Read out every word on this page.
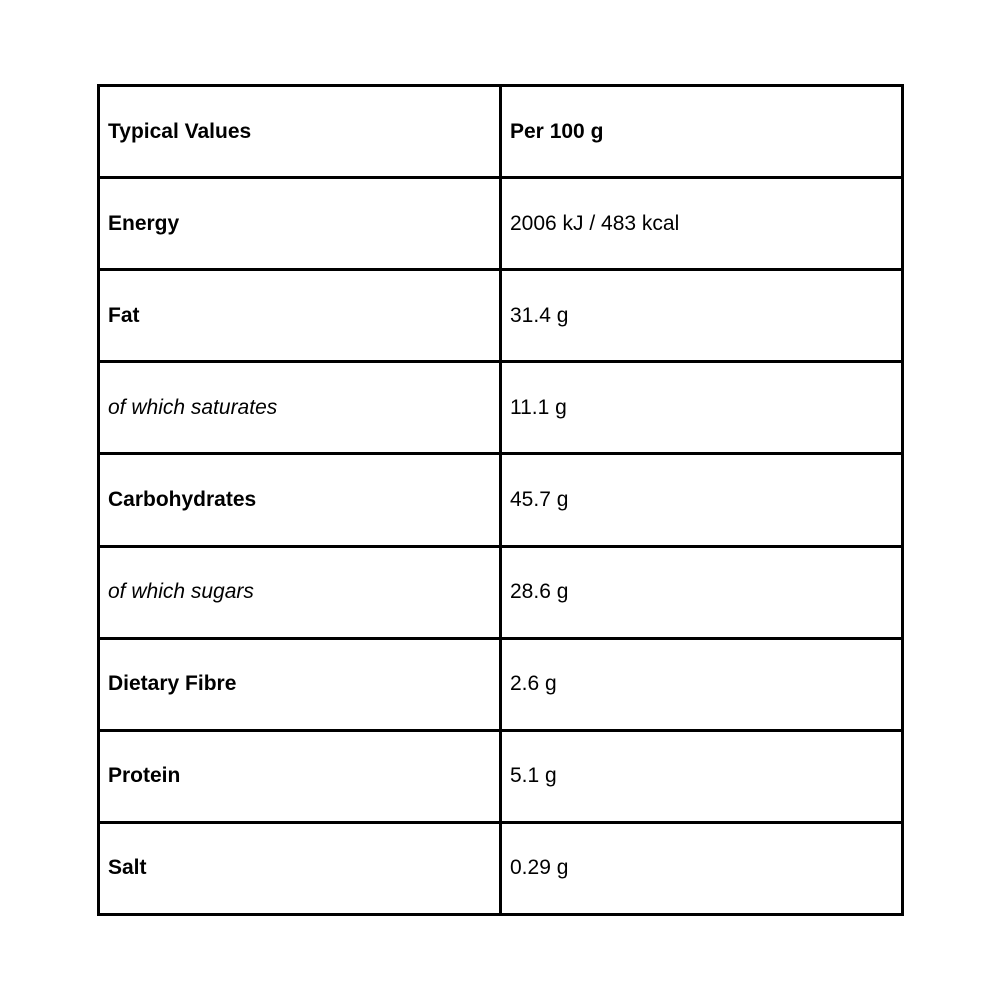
Typical Values	Per 100 g
Energy	2006 kJ / 483 kcal
Fat	31.4 g
of which saturates	11.1 g
Carbohydrates	45.7 g
of which sugars	28.6 g
Dietary Fibre	2.6 g
Protein	5.1 g
Salt	0.29 g
